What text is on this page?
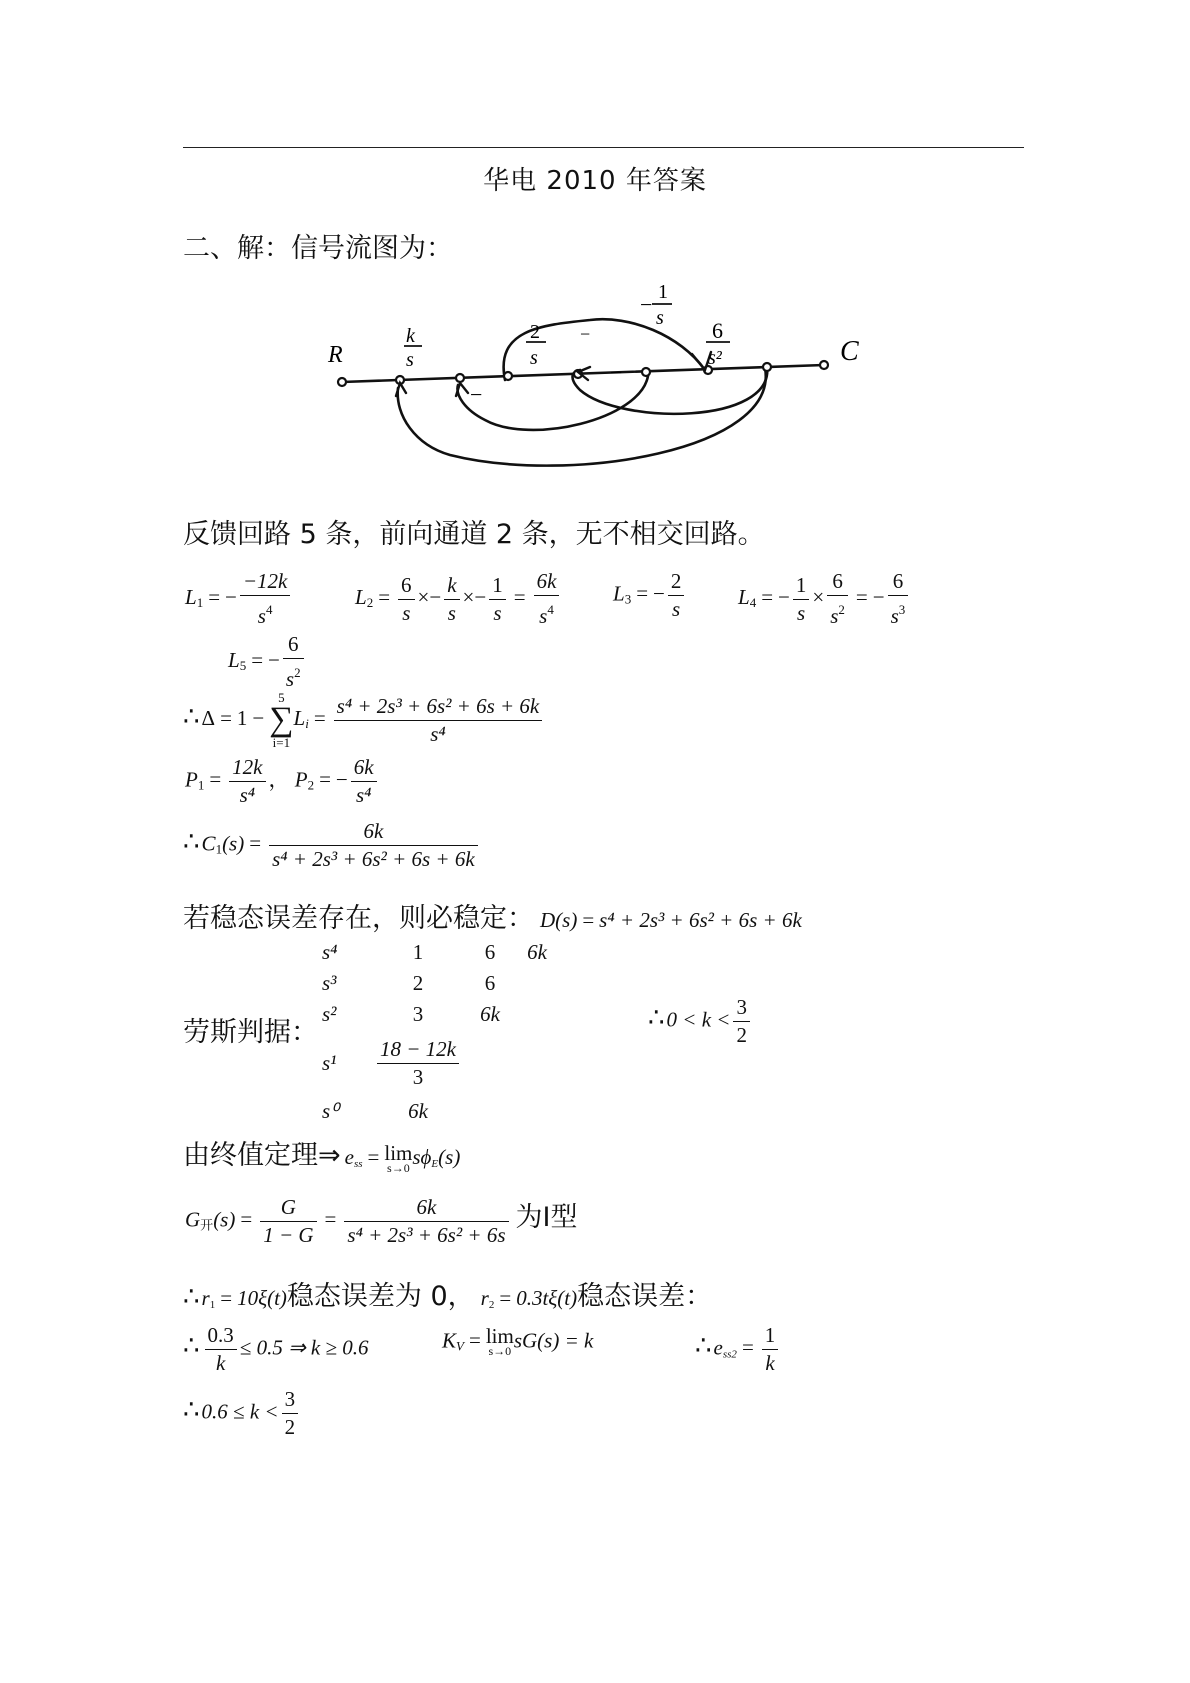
华电 2010 年答案
二、解：信号流图为：
R	C
k
s
2
s
6
s²
− 1
s
−
−
−
反馈回路 5 条，前向通道 2 条，无不相交回路。
$L_1$ = − $\frac{-12k}{s^4}$	$L_2 = \frac{6}{s} \times- \frac{k}{s} \times- \frac{1}{s} = \frac{6k}{s^4}$	$L_3$ = − $\frac{2}{s}$	$L_4$ = − $\frac{1}{s} \times \frac{6}{s^2}$ = − $\frac{6}{s^3}$
$L_5$ = − $\frac{6}{s^2}$
∴Δ = 1 −5
∑
$i=1L_i = \frac{\text{s⁴ + 2s³ + 6s² + 6s + 6k}}{\text{s⁴}}$
$P_1 = \frac{12k}{\text{s⁴}}$ ， $P_2$ = − $\frac{6k}{\text{s⁴}}$
$\therefore C_1(s) = \frac{6k}{\text{s⁴ + 2s³ + 6s² + 6s + 6k}}$
若稳态误差存在，则必稳定： D(s) = s⁴ + 2s³ + 6s² + 6s + 6k
劳斯判据：
s⁴	1	6	6k
s³	2	6	
s²	3	6k	
s¹	$\frac{18 - 12k}{3}$

s⁰	6k		
∴0 < $k < \frac{3}{2}$
由终值定理⇒ $e_{ss} = \lim$
s→0 $s\phi_E(s)$
$G_开(s) = \frac{G}{1 - G} = \frac{6k}{\text{s⁴ + 2s³ + 6s² + 6s}}$ 为Ⅰ型
$\therefore r_1 = 10\xi(t)$稳态误差为 0， $r_2 = 0.3t\xi(t)$稳态误差：
∴ $\frac{0.3}{k} \le 0.5$ ⇒ k ≥ 0.6	$K_V = \lim$
s→0 sG(s) = k	$\therefore e_{ss2} = \frac{1}{k}$
∴0.6 ≤ $k < \frac{3}{2}$
